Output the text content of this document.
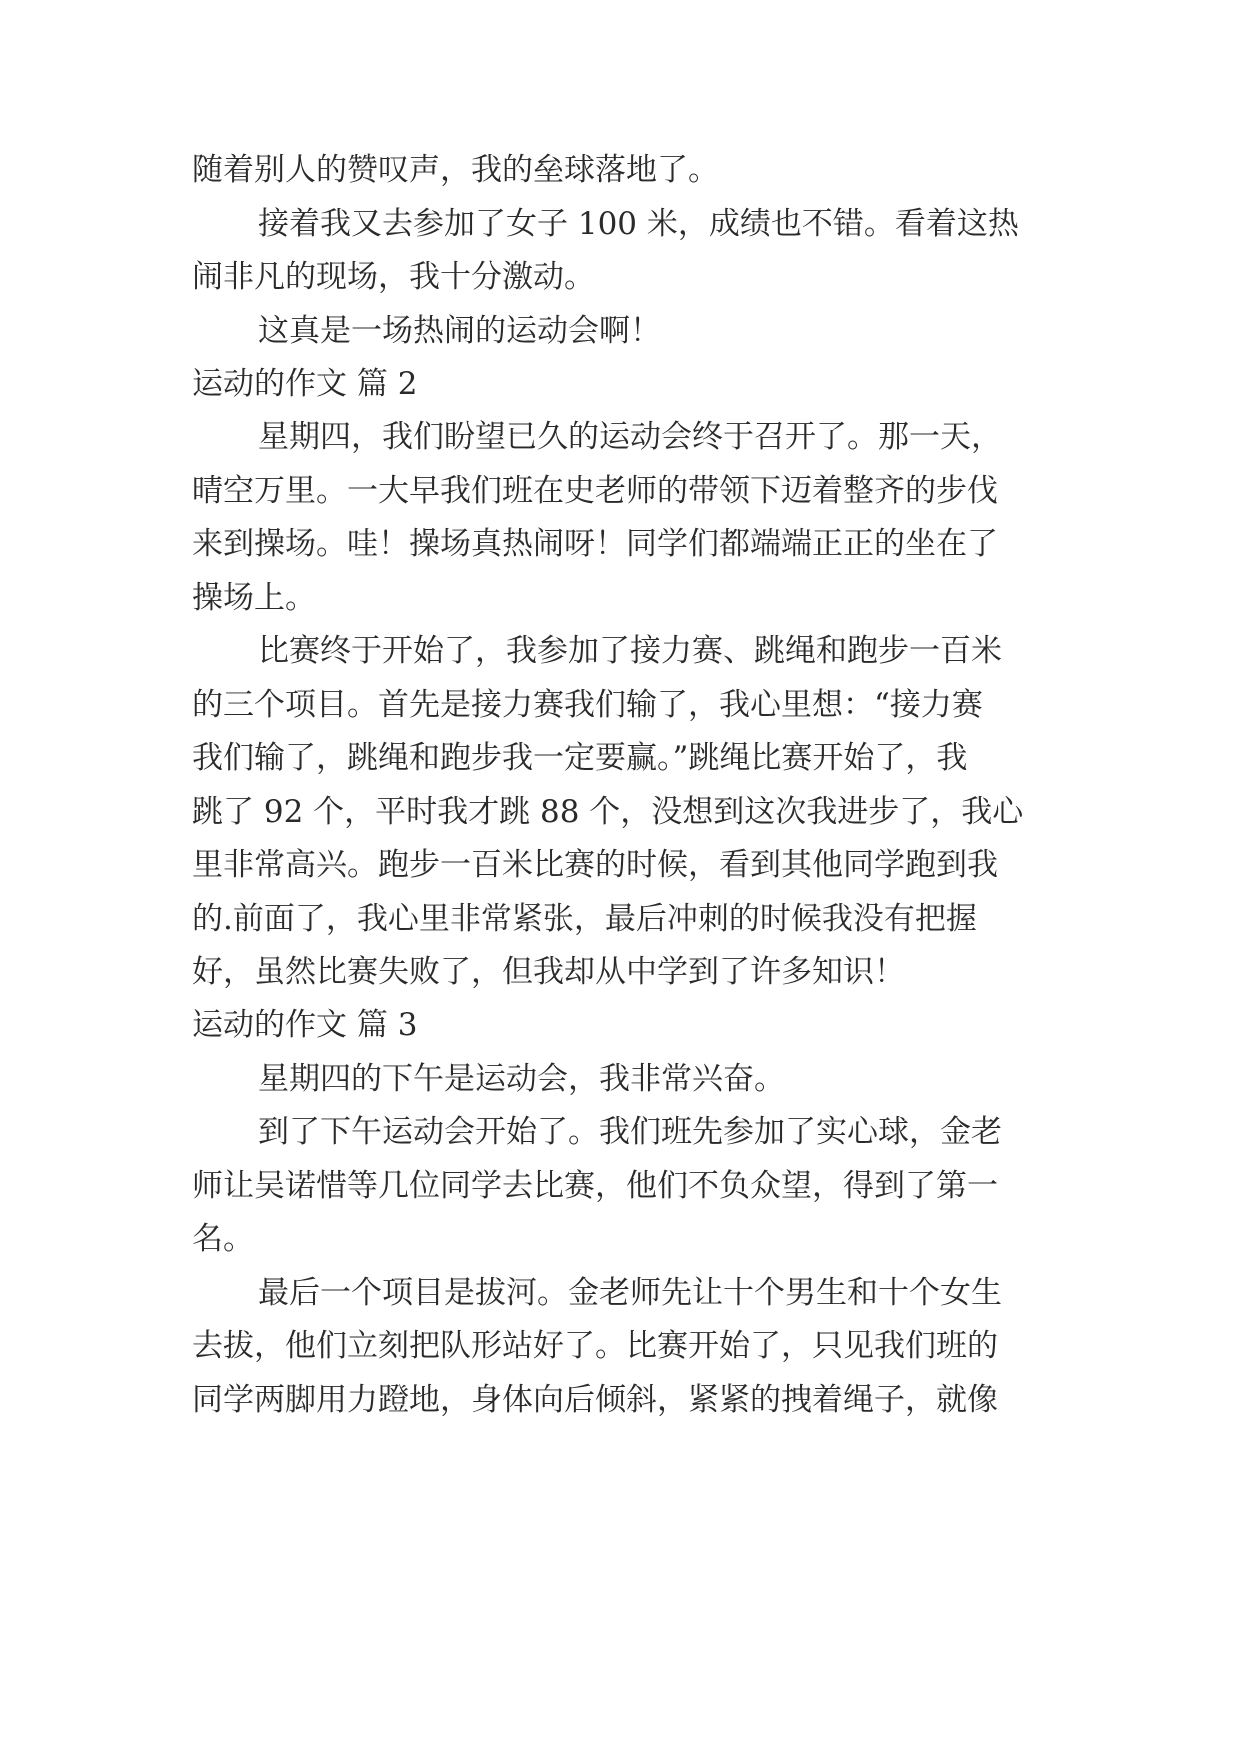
随着别人的赞叹声，我的垒球落地了。
接着我又去参加了女子 100 米，成绩也不错。看着这热
闹非凡的现场，我十分激动。
这真是一场热闹的运动会啊！
运动的作文 篇 2
星期四，我们盼望已久的运动会终于召开了。那一天，
晴空万里。一大早我们班在史老师的带领下迈着整齐的步伐
来到操场。哇！操场真热闹呀！同学们都端端正正的坐在了
操场上。
比赛终于开始了，我参加了接力赛、跳绳和跑步一百米
的三个项目。首先是接力赛我们输了，我心里想：“接力赛
我们输了，跳绳和跑步我一定要赢。”跳绳比赛开始了，我
跳了 92 个，平时我才跳 88 个，没想到这次我进步了，我心
里非常高兴。跑步一百米比赛的时候，看到其他同学跑到我
的.前面了，我心里非常紧张，最后冲刺的时候我没有把握
好，虽然比赛失败了，但我却从中学到了许多知识！
运动的作文 篇 3
星期四的下午是运动会，我非常兴奋。
到了下午运动会开始了。我们班先参加了实心球，金老
师让吴诺惜等几位同学去比赛，他们不负众望，得到了第一
名。
最后一个项目是拔河。金老师先让十个男生和十个女生
去拔，他们立刻把队形站好了。比赛开始了，只见我们班的
同学两脚用力蹬地，身体向后倾斜，紧紧的拽着绳子，就像
